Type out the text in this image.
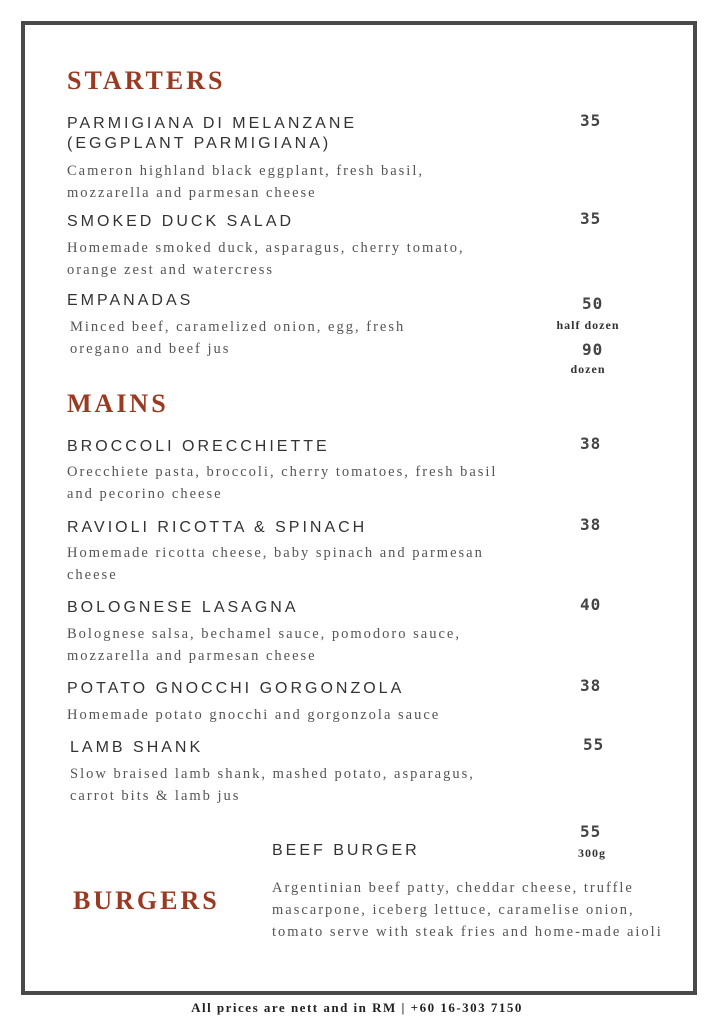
STARTERS
PARMIGIANA DI MELANZANE
(EGGPLANT PARMIGIANA)
35

Cameron highland black eggplant, fresh basil, mozzarella and parmesan cheese

SMOKED DUCK SALAD	35

Homemade smoked duck, asparagus, cherry tomato, orange zest and watercress

EMPANADAS	50
half dozen
90
dozen

Minced beef, caramelized onion, egg, fresh oregano and beef jus

MAINS
BROCCOLI ORECCHIETTE	38

Orecchiete pasta, broccoli, cherry tomatoes, fresh basil and pecorino cheese

RAVIOLI RICOTTA & SPINACH	38

Homemade ricotta cheese, baby spinach and parmesan cheese

BOLOGNESE LASAGNA	40

Bolognese salsa, bechamel sauce, pomodoro sauce, mozzarella and parmesan cheese

POTATO GNOCCHI GORGONZOLA	38

Homemade potato gnocchi and gorgonzola sauce

LAMB SHANK	55

Slow braised lamb shank, mashed potato, asparagus, carrot bits & lamb jus

BURGERS
55
300g
BEEF BURGER

Argentinian beef patty, cheddar cheese, truffle mascarpone, iceberg lettuce, caramelise onion, tomato serve with steak fries and home-made aioli

All prices are nett and in RM | +60 16-303 7150
